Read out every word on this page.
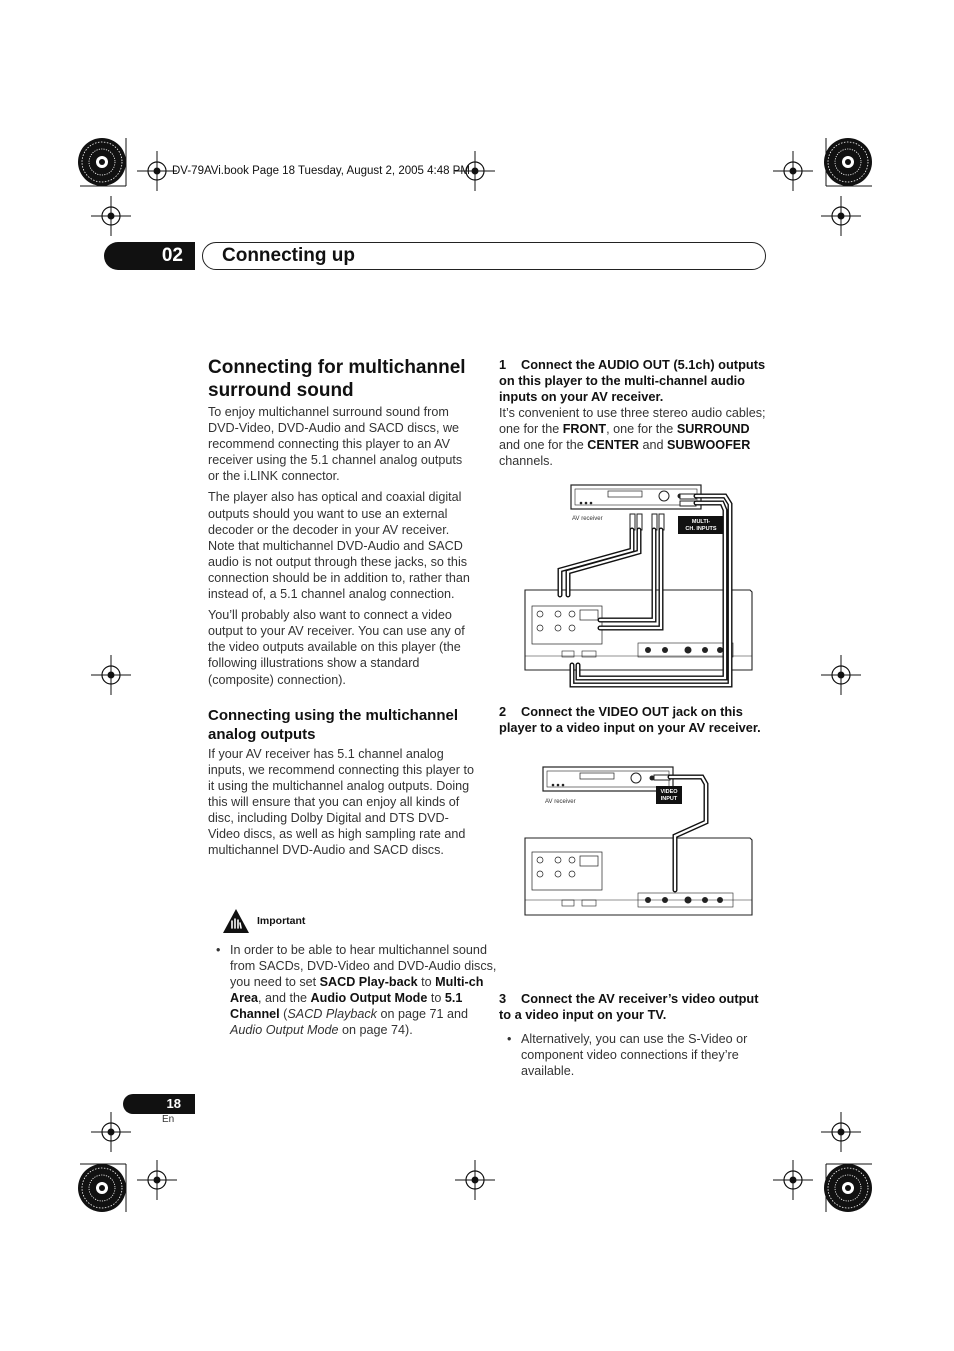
DV-79AVi.book Page 18 Tuesday, August 2, 2005 4:48 PM
02	Connecting up
Connecting for multichannel
surround sound

To enjoy multichannel surround sound from DVD-Video, DVD-Audio and SACD discs, we recommend connecting this player to an AV receiver using the 5.1 channel analog outputs or the i.LINK connector.

The player also has optical and coaxial digital outputs should you want to use an external decoder or the decoder in your AV receiver. Note that multichannel DVD-Audio and SACD audio is not output through these jacks, so this connection should be in addition to, rather than instead of, a 5.1 channel analog connection.

You’ll probably also want to connect a video output to your AV receiver. You can use any of the video outputs available on this player (the following illustrations show a standard (composite) connection).

Connecting using the multichannel
analog outputs

If your AV receiver has 5.1 channel analog inputs, we recommend connecting this player to it using the multichannel analog outputs. Doing this will ensure that you can enjoy all kinds of disc, including Dolby Digital and DTS DVD-Video discs, as well as high sampling rate and multichannel DVD-Audio and SACD discs.

Important
• In order to be able to hear multichannel sound from SACDs, DVD-Video and DVD-Audio discs, you need to set SACD Play-back to Multi-ch Area, and the Audio Output Mode to 5.1 Channel (SACD Playback on page 71 and Audio Output Mode on page 74).
1 Connect the AUDIO OUT (5.1ch) outputs on this player to the multi-channel audio inputs on your AV receiver.
It’s convenient to use three stereo audio cables; one for the FRONT, one for the SURROUND and one for the CENTER and SUBWOOFER channels.
AV receiver	MULTI-
CH. INPUTS
2 Connect the VIDEO OUT jack on this player to a video input on your AV receiver.
AV receiver
VIDEO
INPUT
• Alternatively, you can use the S-Video or component video connections if they’re available.
3 Connect the AV receiver’s video output to a video input on your TV.
18
En
